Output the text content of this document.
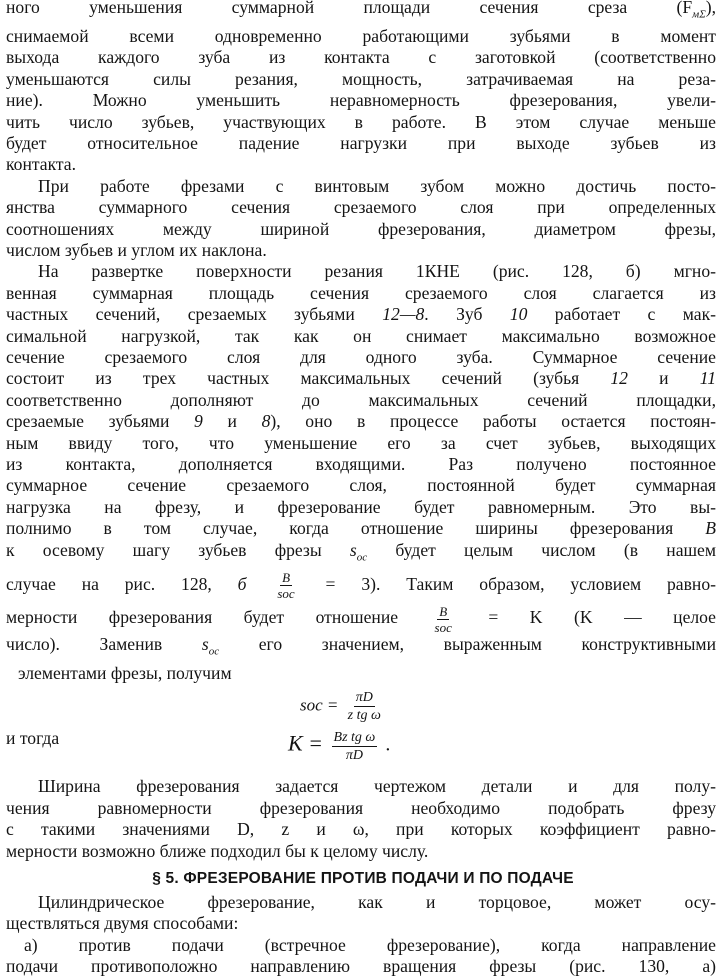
ного уменьшения суммарной площади сечения среза $(F_{м\Sigma})$,
снимаемой всеми одновременно работающими зубьями в момент
выхода каждого зуба из контакта с заготовкой (соответственно
уменьшаются силы резания, мощность, затрачиваемая на реза-
ние). Можно уменьшить неравномерность фрезерования, увели-
чить число зубьев, участвующих в работе. В этом случае меньше
будет относительное падение нагрузки при выходе зубьев из
контакта.

При работе фрезами с винтовым зубом можно достичь посто-
янства суммарного сечения срезаемого слоя при определенных
соотношениях между шириной фрезерования, диаметром фрезы,
числом зубьев и углом их наклона.

На развертке поверхности резания 1КНЕ (рис. 128, б) мгно-
венная суммарная площадь сечения срезаемого слоя слагается из
частных сечений, срезаемых зубьями 12—8. Зуб 10 работает с мак-
симальной нагрузкой, так как он снимает максимально возможное
сечение срезаемого слоя для одного зуба. Суммарное сечение
состоит из трех частных максимальных сечений (зубья 12 и 11
соответственно дополняют до максимальных сечений площадки,
срезаемые зубьями 9 и 8), оно в процессе работы остается постоян-
ным ввиду того, что уменьшение его за счет зубьев, выходящих
из контакта, дополняется входящими. Раз получено постоянное
суммарное сечение срезаемого слоя, постоянной будет суммарная
нагрузка на фрезу, и фрезерование будет равномерным. Это вы-
полнимо в том случае, когда отношение ширины фрезерования B
к осевому шагу зубьев фрезы $s_{ос}$ будет целым числом (в нашем
случае на рис. 128, б $\frac{B}{\text{sос}} = 3$). Таким образом, условием равно-
мерности фрезерования будет отношение $\frac{B}{\text{sос}} = K$ (K — целое
число). Заменив $s_{ос}$ его значением, выраженным конструктивными
элементами фрезы, получим

sос = $\frac{\pi D}{\text{z tg ω}}$
и тогда	$K = \frac{\text{Bz tg ω}}{\pi D}$ .

Ширина фрезерования задается чертежом детали и для полу-
чения равномерности фрезерования необходимо подобрать фрезу
с такими значениями D, z и ω, при которых коэффициент равно-
мерности возможно ближе подходил бы к целому числу.

§ 5. ФРЕЗЕРОВАНИЕ ПРОТИВ ПОДАЧИ И ПО ПОДАЧЕ

Цилиндрическое фрезерование, как и торцовое, может осу-
ществляться двумя способами:
а) против подачи (встречное фрезерование), когда направление
подачи противоположно направлению вращения фрезы (рис. 130, а)
